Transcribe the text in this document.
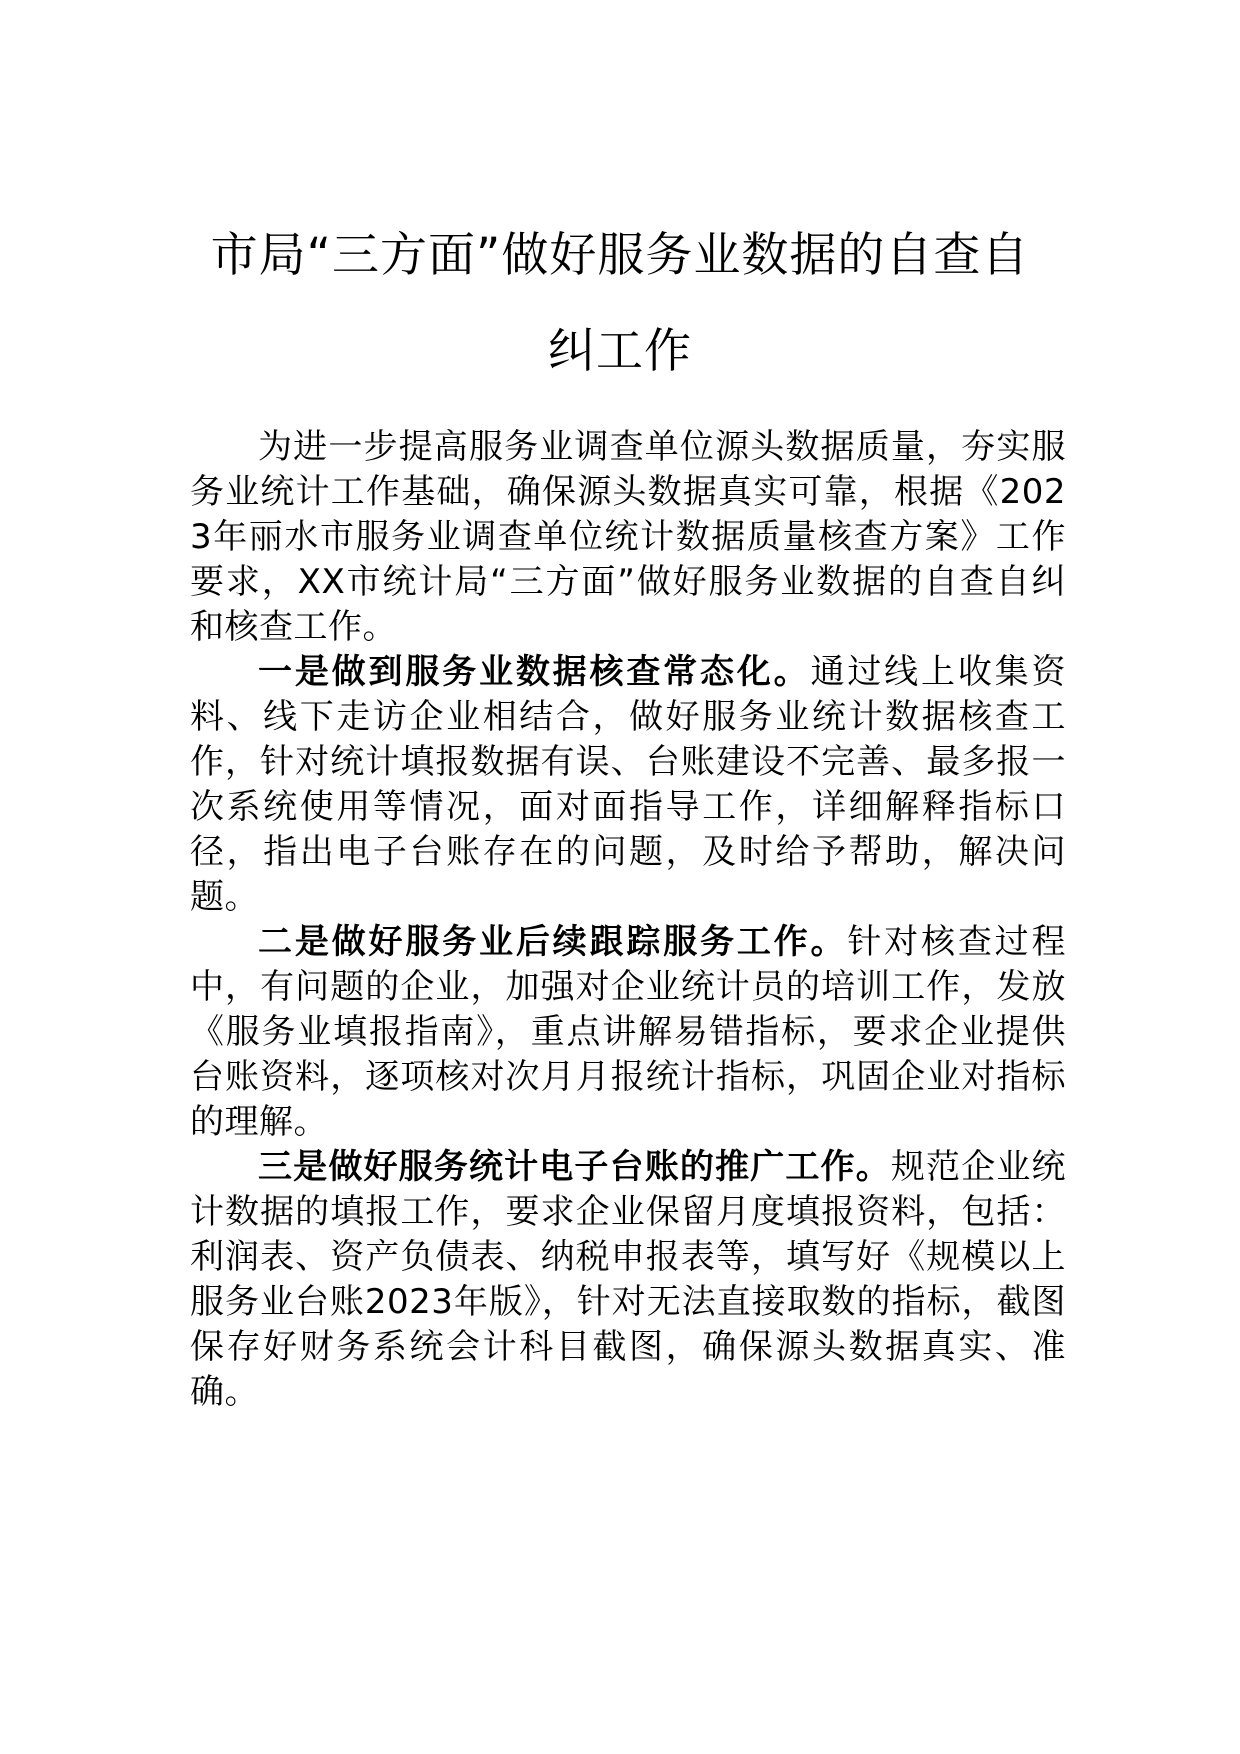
市局“三方面”做好服务业数据的自查自纠工作

为进一步提高服务业调查单位源头数据质量，夯实服务业统计工作基础，确保源头数据真实可靠，根据《2023年丽水市服务业调查单位统计数据质量核查方案》工作要求，XX市统计局“三方面”做好服务业数据的自查自纠和核查工作。

一是做到服务业数据核查常态化。通过线上收集资料、线下走访企业相结合，做好服务业统计数据核查工作，针对统计填报数据有误、台账建设不完善、最多报一次系统使用等情况，面对面指导工作，详细解释指标口径，指出电子台账存在的问题，及时给予帮助，解决问题。

二是做好服务业后续跟踪服务工作。针对核查过程中，有问题的企业，加强对企业统计员的培训工作，发放《服务业填报指南》，重点讲解易错指标，要求企业提供台账资料，逐项核对次月月报统计指标，巩固企业对指标的理解。

三是做好服务统计电子台账的推广工作。规范企业统计数据的填报工作，要求企业保留月度填报资料，包括：利润表、资产负债表、纳税申报表等，填写好《规模以上服务业台账2023年版》，针对无法直接取数的指标，截图保存好财务系统会计科目截图，确保源头数据真实、准确。
